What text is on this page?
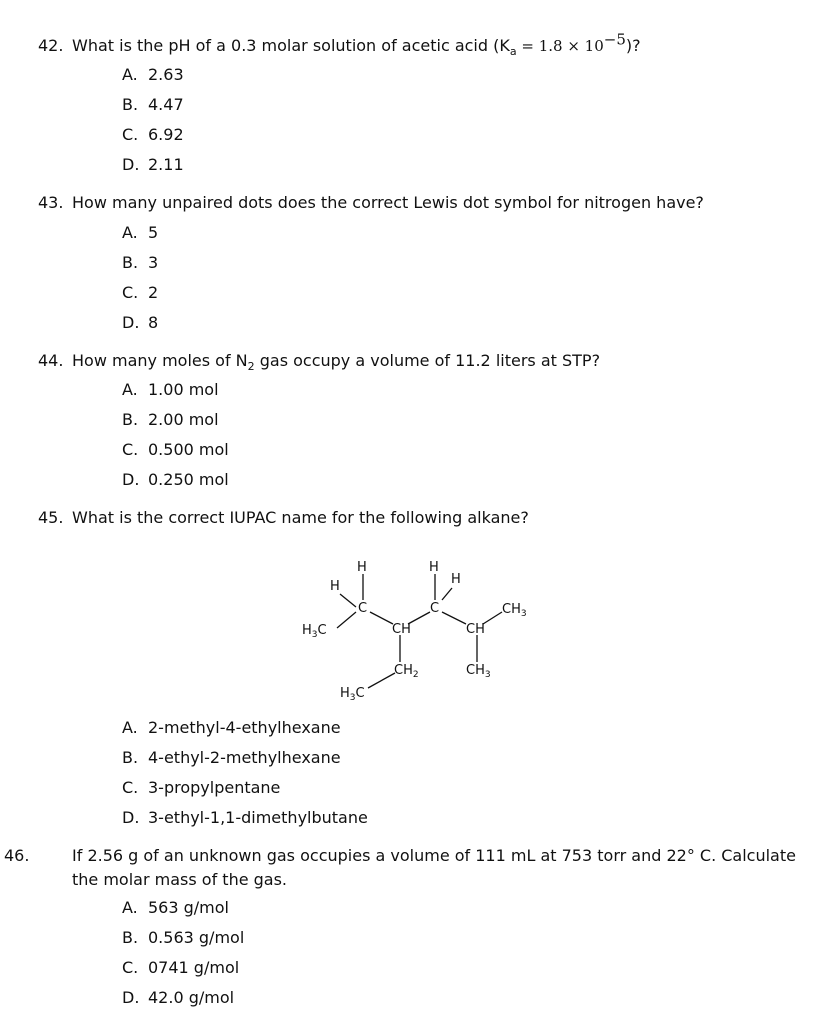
42. What is the pH of a 0.3 molar solution of acetic acid $(K_a = 1.8 \times 10^{-5})$?
A. 2.63
B. 4.47
C. 6.92
D. 2.11
43. How many unpaired dots does the correct Lewis dot symbol for nitrogen have?
A. 5
B. 3
C. 2
D. 8
44. How many moles of $N_2$ gas occupy a volume of 11.2 liters at STP?
A. 1.00 mol
B. 2.00 mol
C. 0.500 mol
D. 0.250 mol
45. What is the correct IUPAC name for the following alkane?
H
H
C
H
H
C
$H_3C$	CH	CH
$CH_3$
$CH_2$	$CH_3$
$H_3C$
A. 2-methyl-4-ethylhexane
B. 4-ethyl-2-methylhexane
C. 3-propylpentane
D. 3-ethyl-1,1-dimethylbutane
46.	If 2.56 g of an unknown gas occupies a volume of 111 mL at 753 torr and 22° C. Calculate the molar mass of the gas.
A. 563 g/mol
B. 0.563 g/mol
C. 0741 g/mol
D. 42.0 g/mol
